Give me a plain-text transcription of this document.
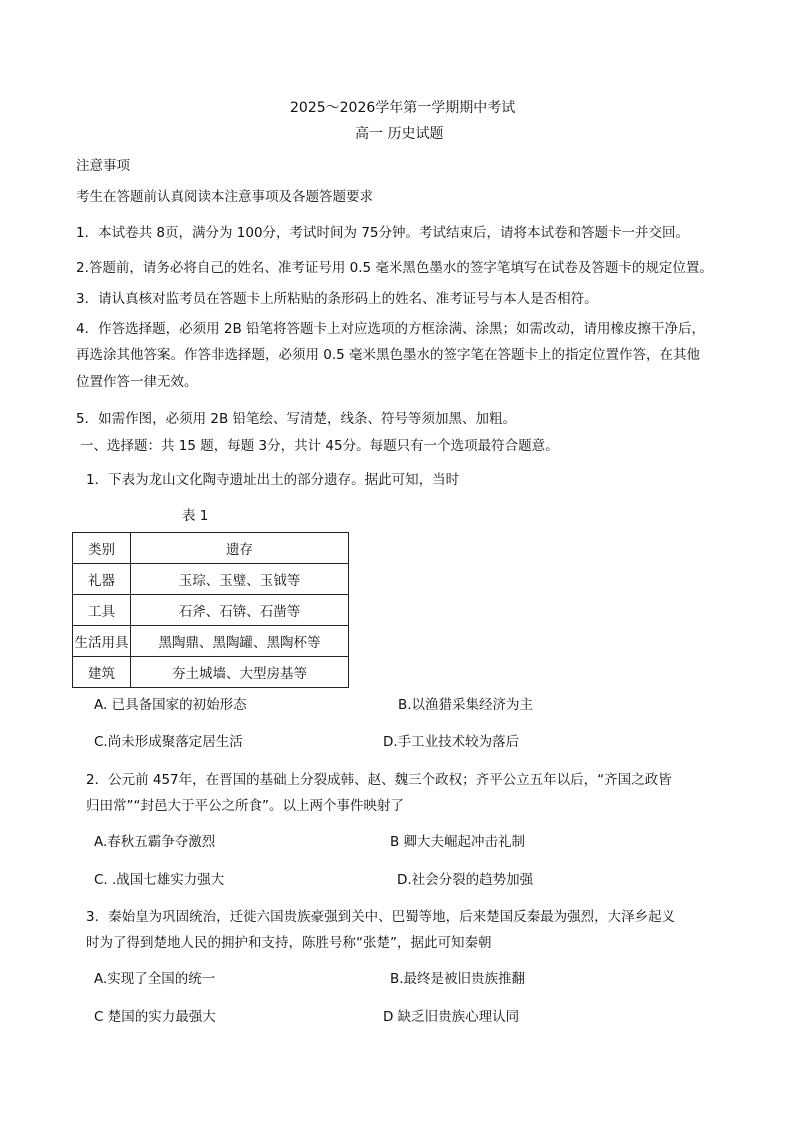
2025～2026学年第一学期期中考试
高一 历史试题
注意事项
考生在答题前认真阅读本注意事项及各题答题要求
1．本试卷共 8页，满分为 100分，考试时间为 75分钟。考试结束后，请将本试卷和答题卡一并交回。
2.答题前，请务必将自己的姓名、准考证号用 0.5 毫米黑色墨水的签字笔填写在试卷及答题卡的规定位置。
3．请认真核对监考员在答题卡上所粘贴的条形码上的姓名、准考证号与本人是否相符。
4．作答选择题，必须用 2B 铅笔将答题卡上对应选项的方框涂满、涂黑；如需改动，请用橡皮擦干净后，
再选涂其他答案。作答非选择题，必须用 0.5 毫米黑色墨水的签字笔在答题卡上的指定位置作答，在其他
位置作答一律无效。
5．如需作图，必须用 2B 铅笔绘、写清楚，线条、符号等须加黑、加粗。
一、选择题：共 15 题，每题 3分，共计 45分。每题只有一个选项最符合题意。
1．下表为龙山文化陶寺遗址出土的部分遗存。据此可知，当时
表 1
类别	遗存
礼器	玉琮、玉璧、玉钺等
工具	石斧、石锛、石凿等
生活用具	黑陶鼎、黑陶罐、黑陶杯等
建筑	夯土城墙、大型房基等
A. 已具备国家的初始形态	B.以渔猎采集经济为主
C.尚未形成聚落定居生活	D.手工业技术较为落后
2．公元前 457年，在晋国的基础上分裂成韩、赵、魏三个政权；齐平公立五年以后，“齐国之政皆
归田常”“封邑大于平公之所食”。以上两个事件映射了
A.春秋五霸争夺激烈	B 卿大夫崛起冲击礼制
C. .战国七雄实力强大	D.社会分裂的趋势加强
3．秦始皇为巩固统治，迁徙六国贵族豪强到关中、巴蜀等地，后来楚国反秦最为强烈，大泽乡起义
时为了得到楚地人民的拥护和支持，陈胜号称“张楚”，据此可知秦朝
A.实现了全国的统一	B.最终是被旧贵族推翻
C 楚国的实力最强大	D 缺乏旧贵族心理认同
